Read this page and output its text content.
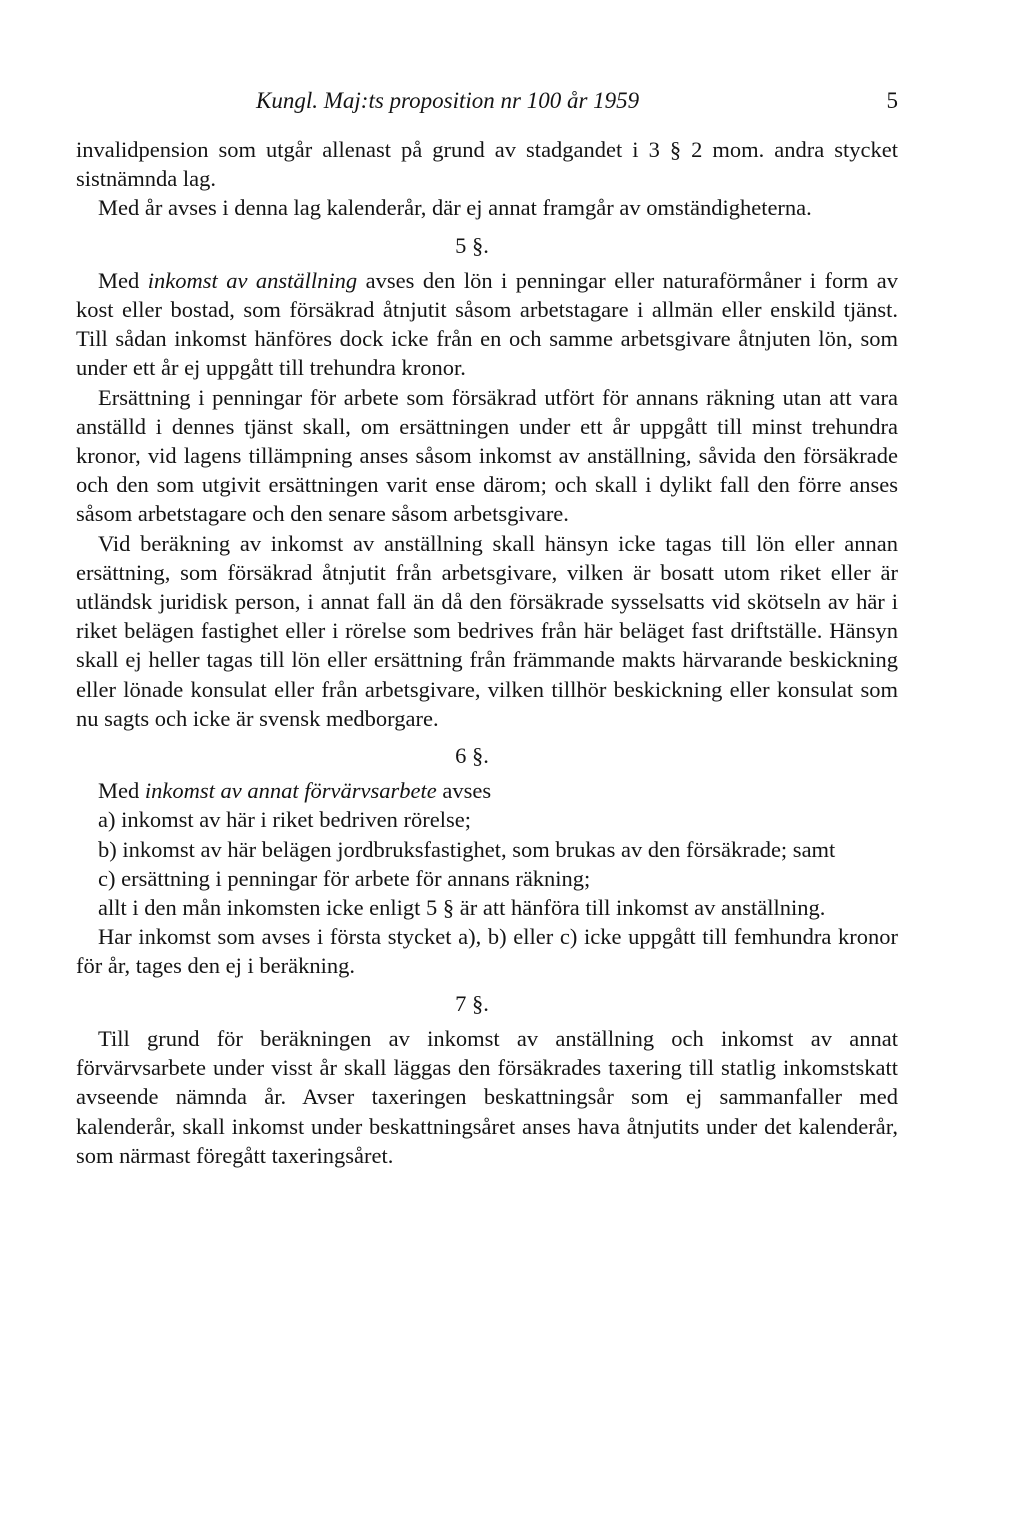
Kungl. Maj:ts proposition nr 100 år 1959	5

invalidpension som utgår allenast på grund av stadgandet i 3 § 2 mom. andra stycket sistnämnda lag.

Med år avses i denna lag kalenderår, där ej annat framgår av omständigheterna.

5 §.

Med inkomst av anställning avses den lön i penningar eller naturaförmåner i form av kost eller bostad, som försäkrad åtnjutit såsom arbetstagare i allmän eller enskild tjänst. Till sådan inkomst hänföres dock icke från en och samme arbetsgivare åtnjuten lön, som under ett år ej uppgått till trehundra kronor.

Ersättning i penningar för arbete som försäkrad utfört för annans räkning utan att vara anställd i dennes tjänst skall, om ersättningen under ett år uppgått till minst trehundra kronor, vid lagens tillämpning anses såsom inkomst av anställning, såvida den försäkrade och den som utgivit ersättningen varit ense därom; och skall i dylikt fall den förre anses såsom arbetstagare och den senare såsom arbetsgivare.

Vid beräkning av inkomst av anställning skall hänsyn icke tagas till lön eller annan ersättning, som försäkrad åtnjutit från arbetsgivare, vilken är bosatt utom riket eller är utländsk juridisk person, i annat fall än då den försäkrade sysselsatts vid skötseln av här i riket belägen fastighet eller i rörelse som bedrives från här beläget fast driftställe. Hänsyn skall ej heller tagas till lön eller ersättning från främmande makts härvarande beskickning eller lönade konsulat eller från arbetsgivare, vilken tillhör beskickning eller konsulat som nu sagts och icke är svensk medborgare.

6 §.

Med inkomst av annat förvärvsarbete avses

a) inkomst av här i riket bedriven rörelse;

b) inkomst av här belägen jordbruksfastighet, som brukas av den försäkrade; samt

c) ersättning i penningar för arbete för annans räkning;

allt i den mån inkomsten icke enligt 5 § är att hänföra till inkomst av anställning.

Har inkomst som avses i första stycket a), b) eller c) icke uppgått till femhundra kronor för år, tages den ej i beräkning.

7 §.

Till grund för beräkningen av inkomst av anställning och inkomst av annat förvärvsarbete under visst år skall läggas den försäkrades taxering till statlig inkomstskatt avseende nämnda år. Avser taxeringen beskattningsår som ej sammanfaller med kalenderår, skall inkomst under beskattningsåret anses hava åtnjutits under det kalenderår, som närmast föregått taxeringsåret.
